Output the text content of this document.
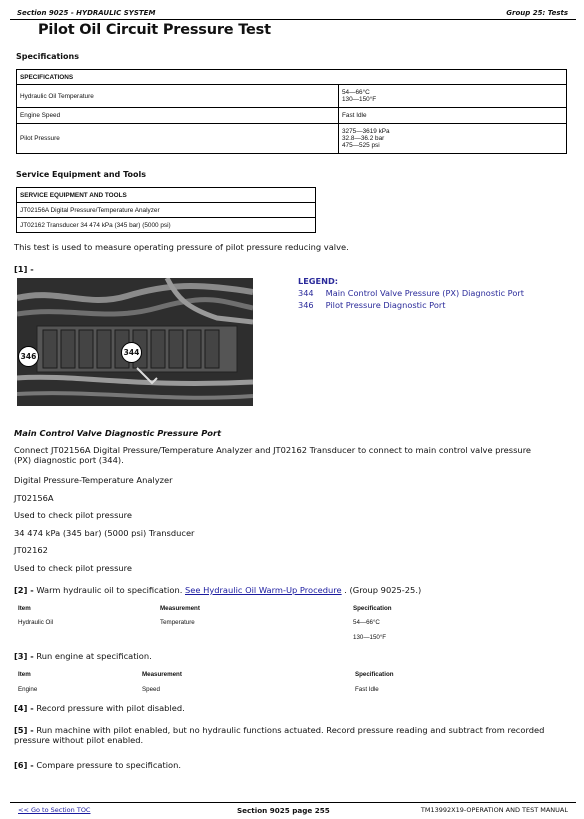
Section 9025 - HYDRAULIC SYSTEM	Group 25: Tests
Pilot Oil Circuit Pressure Test
Specifications
SPECIFICATIONS	
Hydraulic Oil Temperature	54—66°C
130—150°F

Engine Speed	Fast Idle
Pilot Pressure	3275—3619 kPa
32.8—36.2 bar
475—525 psi
Service Equipment and Tools
SERVICE EQUIPMENT AND TOOLS
JT02156A Digital Pressure/Temperature Analyzer
JT02162 Transducer 34 474 kPa (345 bar) (5000 psi)
This test is used to measure operating pressure of pilot pressure reducing valve.
[1] -
346	344
LEGEND:
344 Main Control Valve Pressure (PX) Diagnostic Port
346 Pilot Pressure Diagnostic Port
Main Control Valve Diagnostic Pressure Port
Connect JT02156A Digital Pressure/Temperature Analyzer and JT02162 Transducer to connect to main control valve pressure
(PX) diagnostic port (344).
Digital Pressure-Temperature Analyzer
JT02156A
Used to check pilot pressure
34 474 kPa (345 bar) (5000 psi) Transducer
JT02162
Used to check pilot pressure
[2] - Warm hydraulic oil to specification. See Hydraulic Oil Warm-Up Procedure . (Group 9025-25.)
Item	Measurement	Specification
Hydraulic Oil	Temperature	54—66°C
130—150°F
[3] - Run engine at specification.
Item	Measurement	Specification
Engine	Speed	Fast Idle
[4] - Record pressure with pilot disabled.
[5] - Run machine with pilot enabled, but no hydraulic functions actuated. Record pressure reading and subtract from recorded
pressure without pilot enabled.
[6] - Compare pressure to specification.
<< Go to Section TOC	Section 9025 page 255	TM13992X19-OPERATION AND TEST MANUAL
